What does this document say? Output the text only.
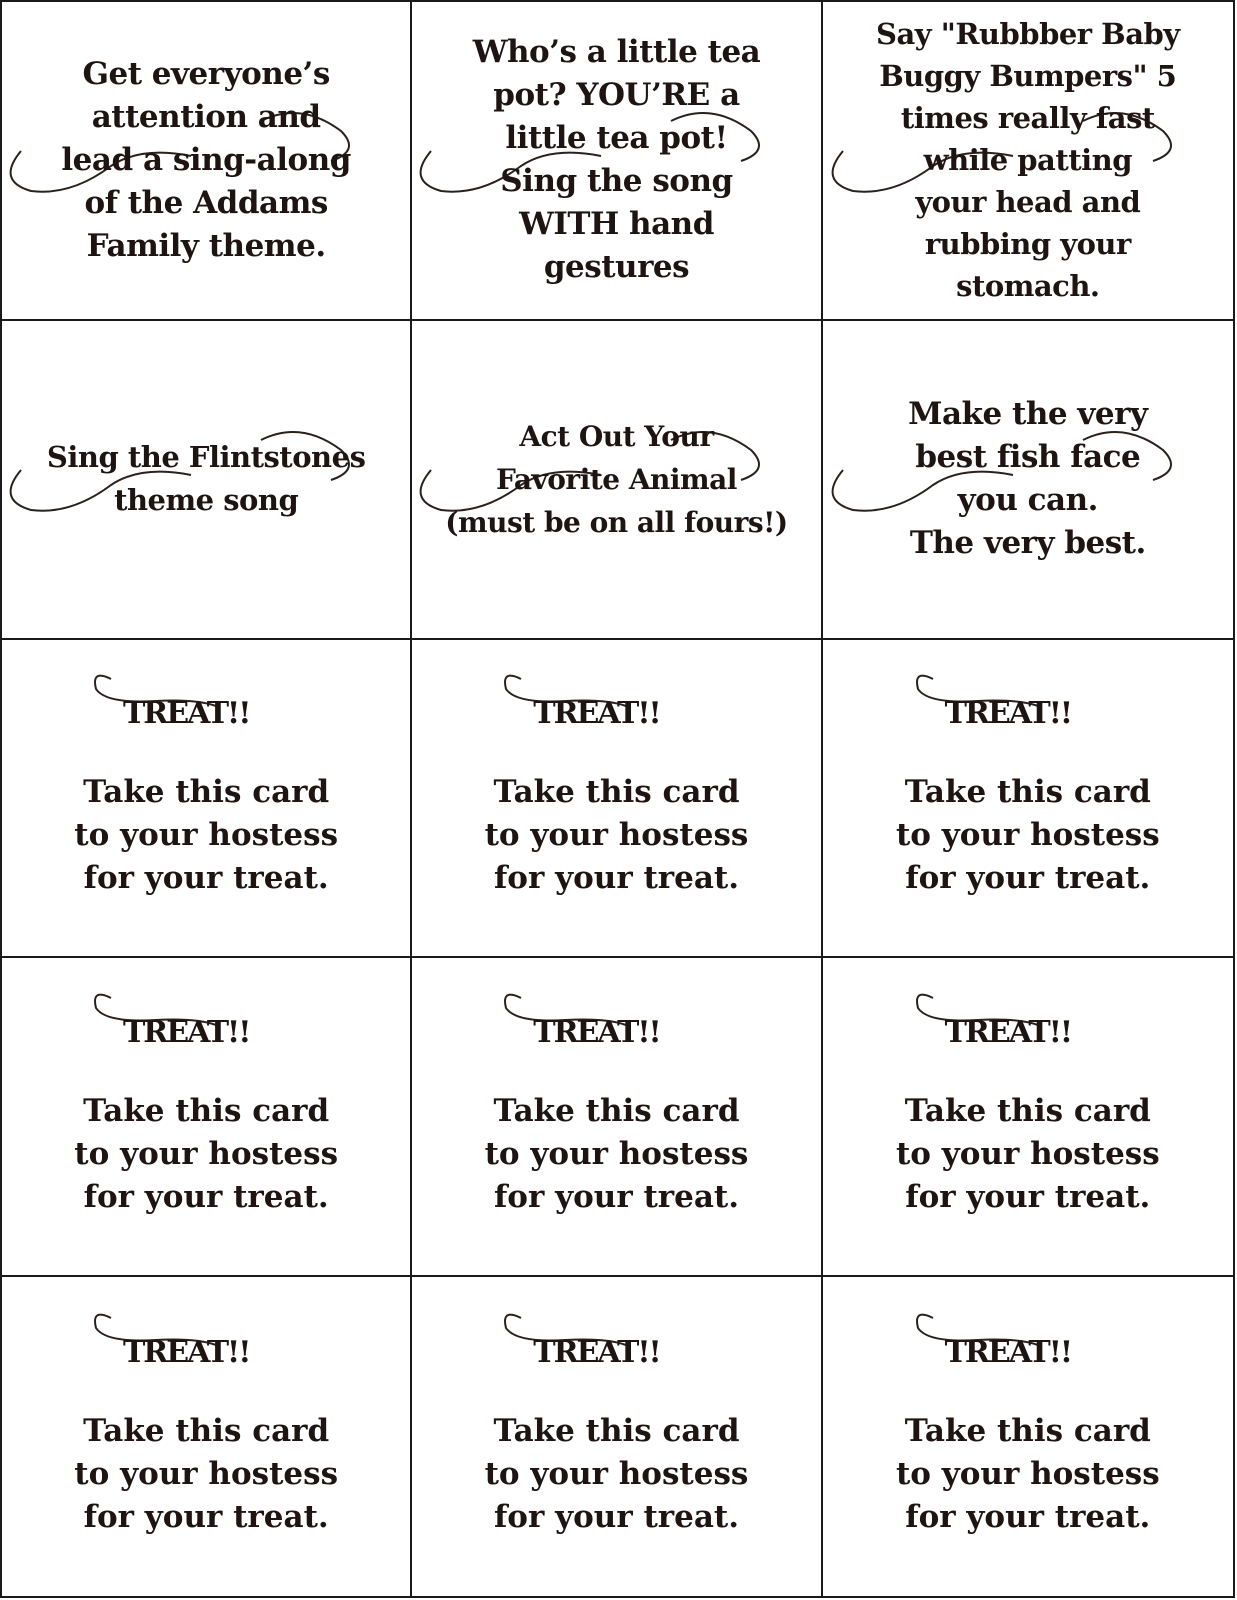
Get everyone’s
attention and
lead a sing-along
of the Addams
Family theme.
Who’s a little tea
pot? YOU’RE a
little tea pot!
Sing the song
WITH hand
gestures
Say "Rubbber Baby
Buggy Bumpers" 5
times really fast
while patting
your head and
rubbing your
stomach.
Sing the Flintstones
theme song
Act Out Your
Favorite Animal
(must be on all fours!)
Make the very
best fish face
you can.
The very best.
TREAT!!
Take this card
to your hostess
for your treat.
TREAT!!
Take this card
to your hostess
for your treat.
TREAT!!
Take this card
to your hostess
for your treat.
TREAT!!
Take this card
to your hostess
for your treat.
TREAT!!
Take this card
to your hostess
for your treat.
TREAT!!
Take this card
to your hostess
for your treat.
TREAT!!
Take this card
to your hostess
for your treat.
TREAT!!
Take this card
to your hostess
for your treat.
TREAT!!
Take this card
to your hostess
for your treat.
